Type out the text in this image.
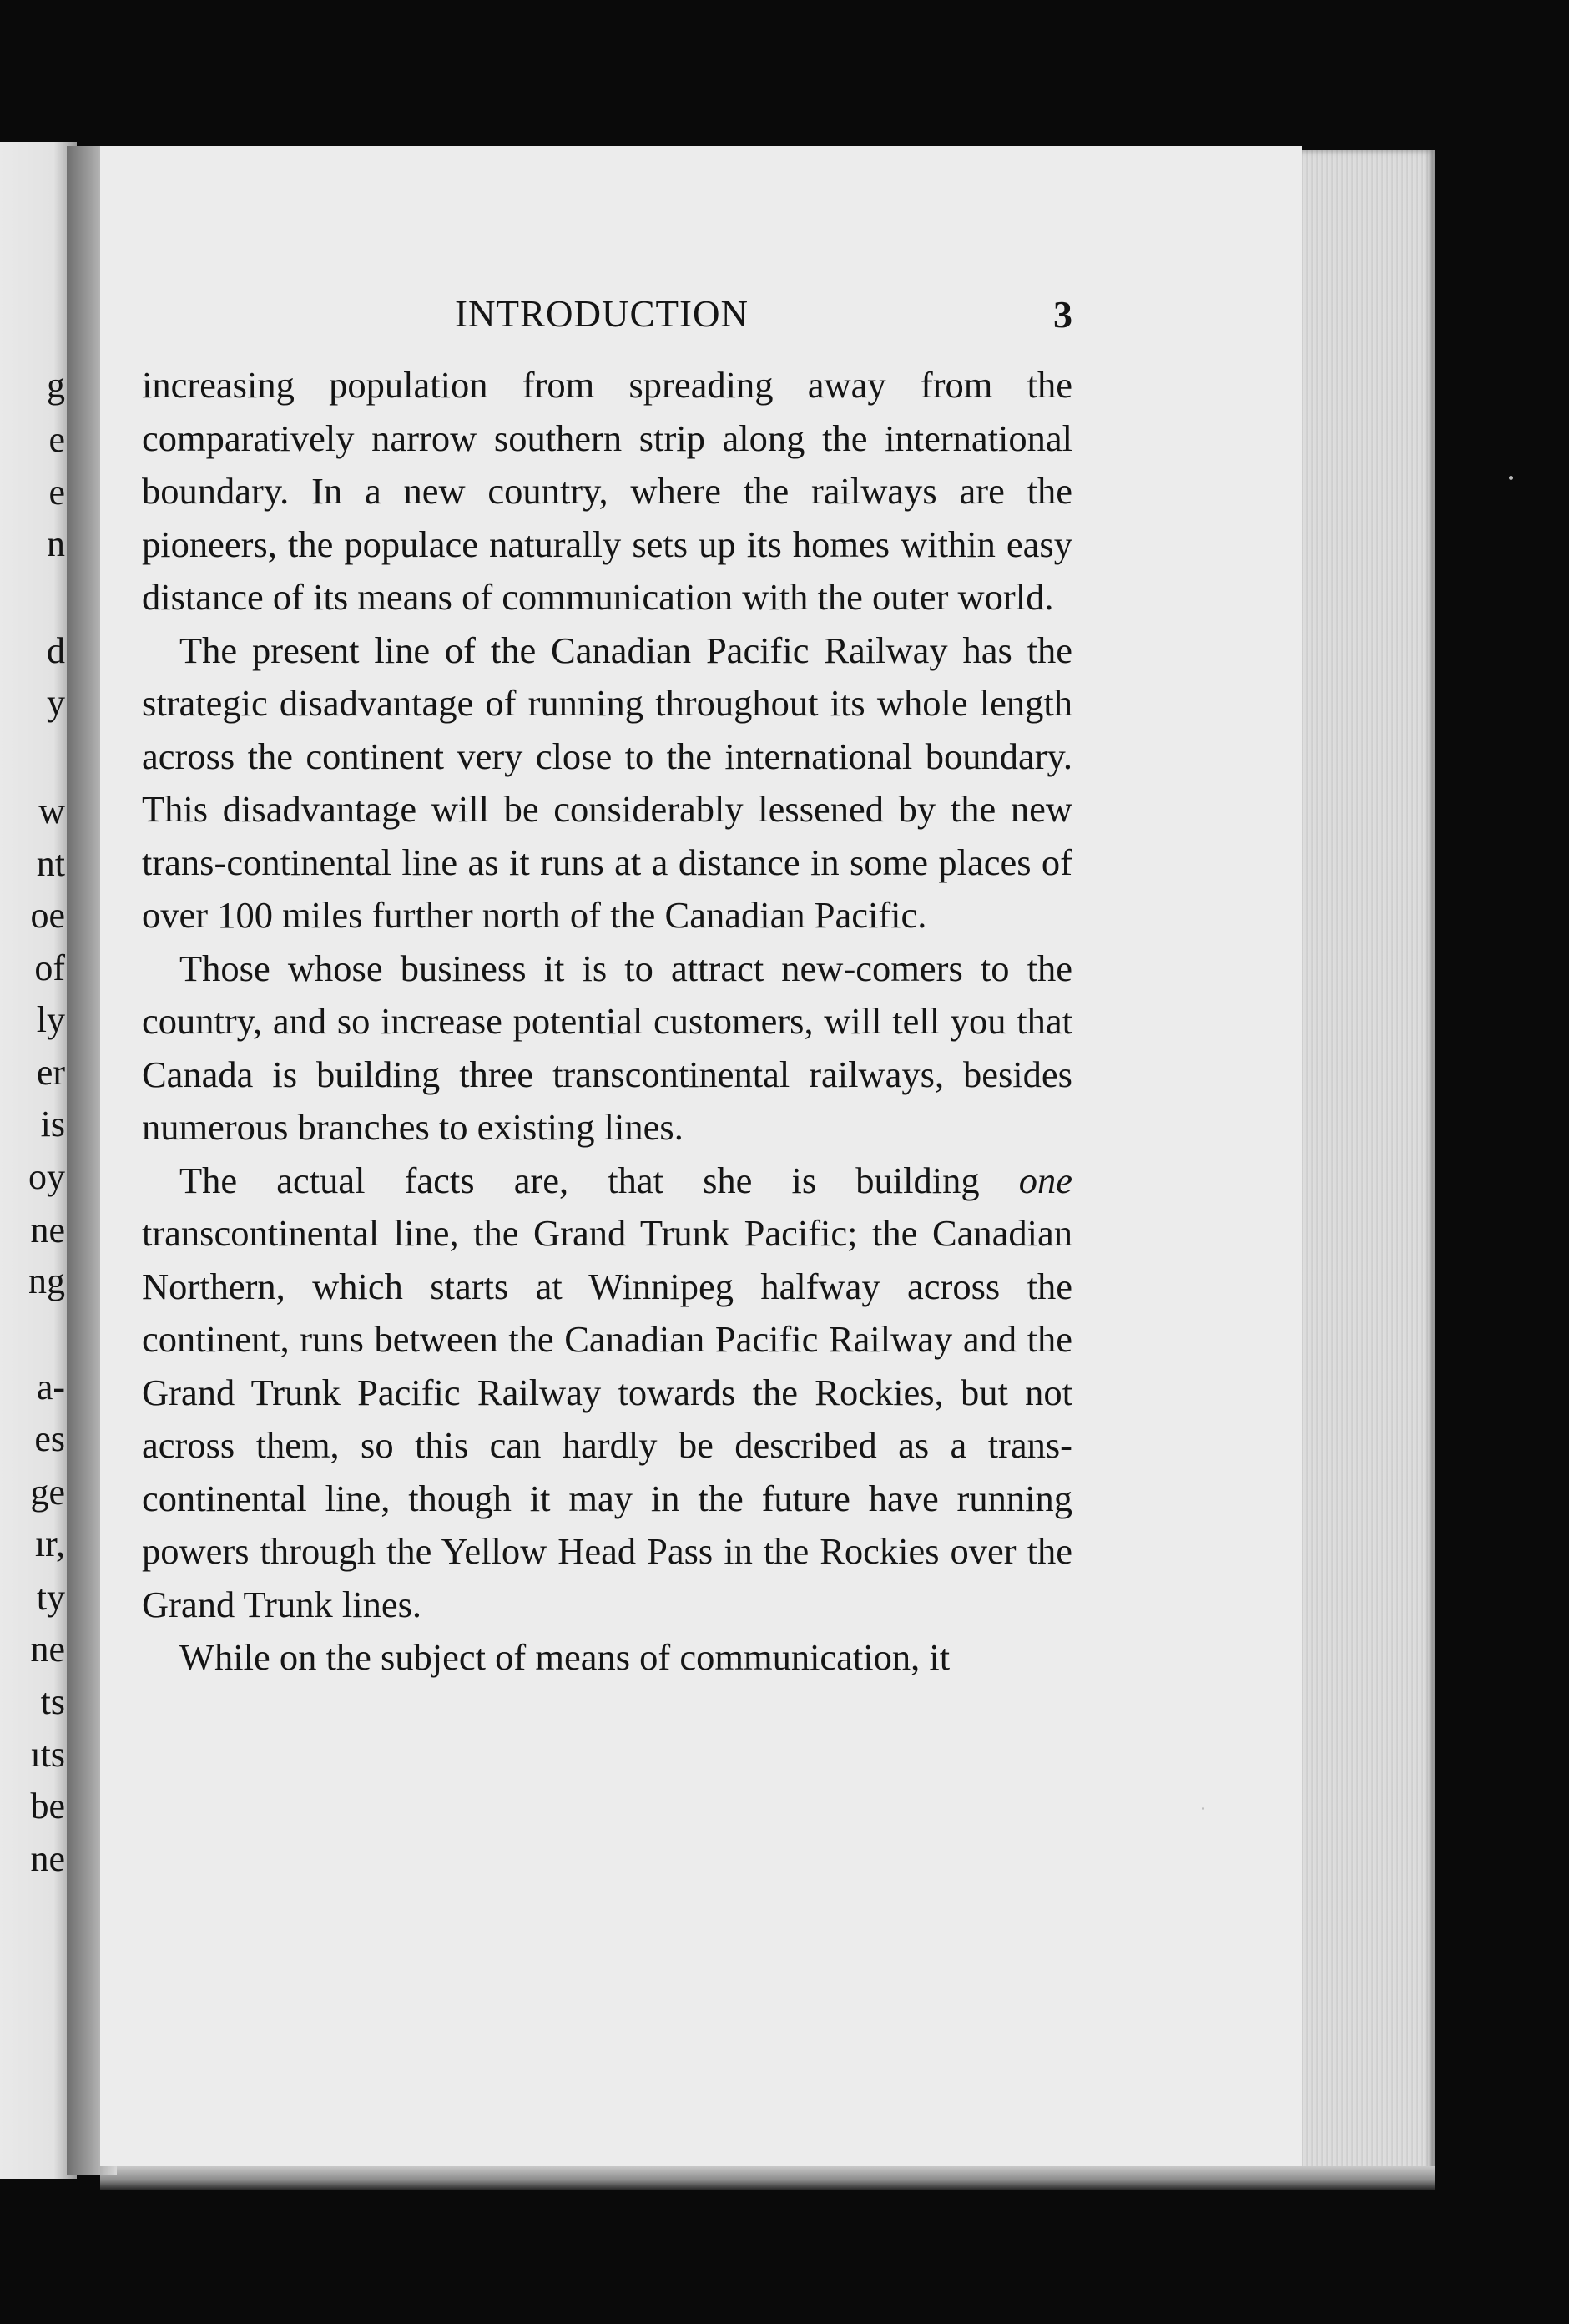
g
e
e
n
d
y
w
nt
oe
of
ly
er
is
oy
ne
ng
a-
es
ge
ır,
ty
ne
ts
ıts
be
ne
INTRODUCTION	3

increasing population from spreading away from the comparatively narrow southern strip along the international boundary. In a new country, where the railways are the pioneers, the populace naturally sets up its homes within easy distance of its means of communication with the outer world.

The present line of the Canadian Pacific Railway has the strategic disadvantage of running throughout its whole length across the continent very close to the international boundary. This disadvantage will be considerably lessened by the new trans-continental line as it runs at a distance in some places of over 100 miles further north of the Canadian Pacific.

Those whose business it is to attract new-comers to the country, and so increase potential customers, will tell you that Canada is building three transcontinental railways, besides numerous branches to existing lines.

The actual facts are, that she is building one transcontinental line, the Grand Trunk Pacific; the Canadian Northern, which starts at Winnipeg halfway across the continent, runs between the Canadian Pacific Railway and the Grand Trunk Pacific Railway towards the Rockies, but not across them, so this can hardly be described as a trans-continental line, though it may in the future have running powers through the Yellow Head Pass in the Rockies over the Grand Trunk lines.

While on the subject of means of communication, it
